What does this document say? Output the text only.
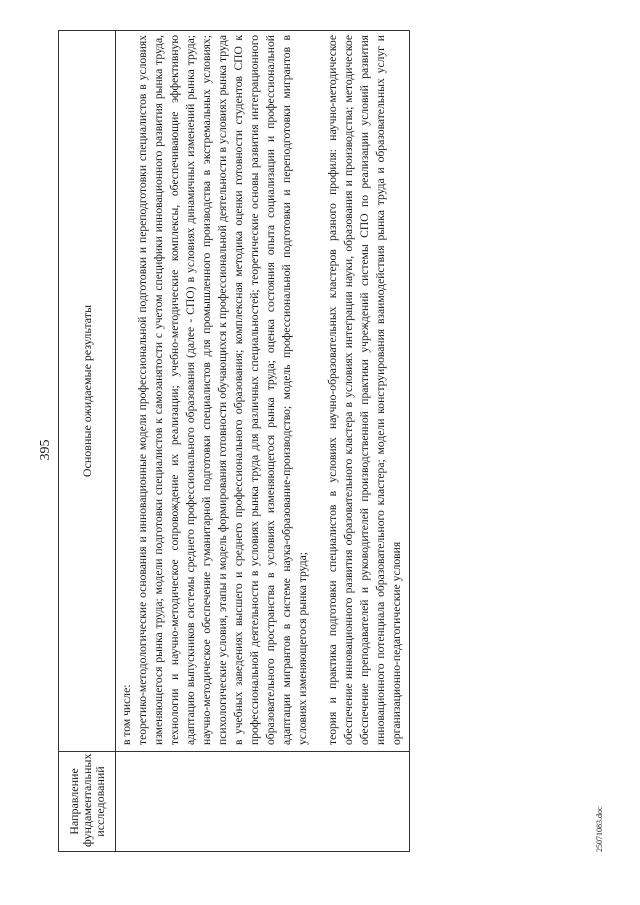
395
Направление фундаментальных исследований	Основные ожидаемые результаты

	в том числе: теоретико-методологические основания и инновационные модели профессиональной подготовки и переподготовки специалистов в условиях изменяющегося рынка труда; модели подготовки специалистов к самозанятости с учетом специфики инновационного развития рынка труда, технологии и научно-методическое сопровождение их реализации; учебно-методические комплексы, обеспечивающие эффективную адаптацию выпускников системы среднего профессионального образования (далее - СПО) в условиях динамичных изменений рынка труда; научно-методическое обеспечение гуманитарной подготовки специалистов для промышленного производства в экстремальных условиях; психологические условия, этапы и модель формирования готовности обучающихся к профессиональной деятельности в условиях рынка труда в учебных заведениях высшего и среднего профессионального образования; комплексная методика оценки готовности студентов СПО к профессиональной деятельности в условиях рынка труда для различных специальностей; теоретические основы развития интеграционного образовательного пространства в условиях изменяющегося рынка труда; оценка состояния опыта социализации и профессиональной адаптации мигрантов в системе наука-образование-производство; модель профессиональной подготовки и переподготовки мигрантов в условиях изменяющегося рынка труда; теория и практика подготовки специалистов в условиях научно-образовательных кластеров разного профиля: научно-методическое обеспечение инновационного развития образовательного кластера в условиях интеграции науки, образования и производства; методическое обеспечение преподавателей и руководителей производственной практики учреждений системы СПО по реализации условий развития инновационного потенциала образовательного кластера; модели конструирования взаимодействия рынка труда и образовательных услуг и организационно-педагогические условия

25071083.doc
